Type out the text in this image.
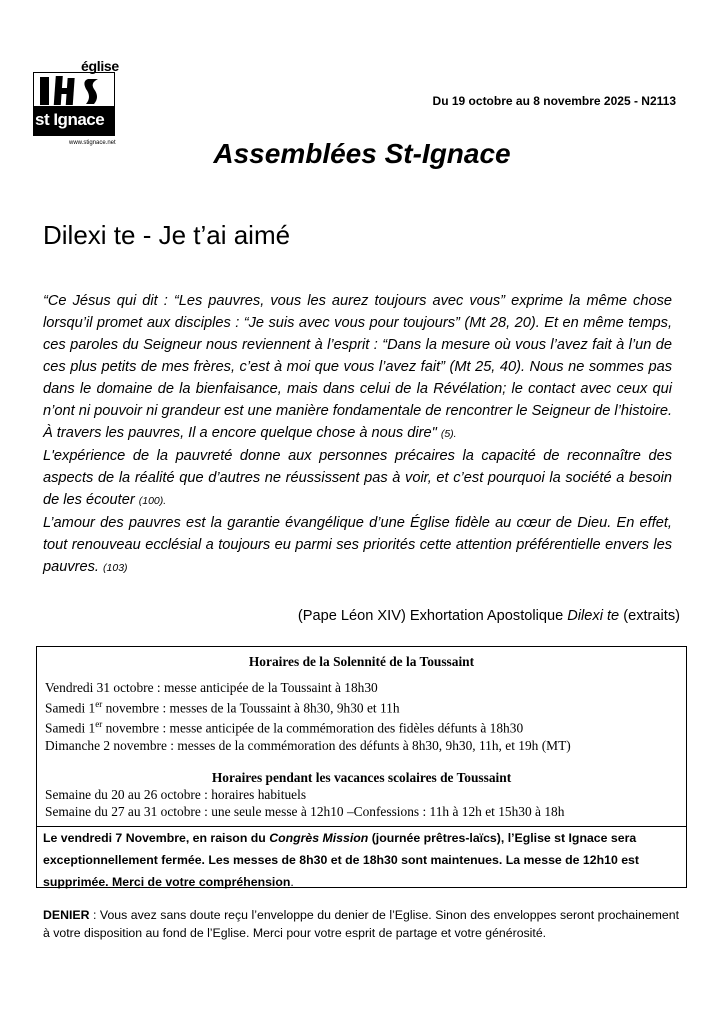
église
st Ignace
www.stignace.net
Du 19 octobre au 8 novembre 2025 - N2113
Assemblées St-Ignace
Dilexi te - Je t’ai aimé

“Ce Jésus qui dit : “Les pauvres, vous les aurez toujours avec vous” exprime la même chose lorsqu’il promet aux disciples : “Je suis avec vous pour toujours” (Mt 28, 20). Et en même temps, ces paroles du Seigneur nous reviennent à l’esprit : “Dans la mesure où vous l’avez fait à l’un de ces plus petits de mes frères, c’est à moi que vous l’avez fait” (Mt 25, 40). Nous ne sommes pas dans le domaine de la bienfaisance, mais dans celui de la Révélation; le contact avec ceux qui n’ont ni pouvoir ni grandeur est une manière fondamentale de rencontrer le Seigneur de l’histoire. À travers les pauvres, Il a encore quelque chose à nous dire" (5).

L'expérience de la pauvreté donne aux personnes précaires la capacité de reconnaître des aspects de la réalité que d’autres ne réussissent pas à voir, et c’est pourquoi la société a besoin de les écouter (100).

L’amour des pauvres est la garantie évangélique d’une Église fidèle au cœur de Dieu. En effet, tout renouveau ecclésial a toujours eu parmi ses priorités cette attention préférentielle envers les pauvres. (103)

(Pape Léon XIV) Exhortation Apostolique Dilexi te (extraits)
Horaires de la Solennité de la Toussaint
Vendredi 31 octobre : messe anticipée de la Toussaint à 18h30
Samedi 1er novembre : messes de la Toussaint à 8h30, 9h30 et 11h
Samedi 1er novembre : messe anticipée de la commémoration des fidèles défunts à 18h30
Dimanche 2 novembre : messes de la commémoration des défunts à 8h30, 9h30, 11h, et 19h (MT)
Horaires pendant les vacances scolaires de Toussaint
Semaine du 20 au 26 octobre : horaires habituels
Semaine du 27 au 31 octobre : une seule messe à 12h10 –Confessions : 11h à 12h et 15h30 à 18h

Le vendredi 7 Novembre, en raison du Congrès Mission (journée prêtres-laïcs), l’Eglise st Ignace sera exceptionnellement fermée. Les messes de 8h30 et de 18h30 sont maintenues. La messe de 12h10 est supprimée. Merci de votre compréhension.

DENIER : Vous avez sans doute reçu l’enveloppe du denier de l’Eglise. Sinon des enveloppes seront prochainement à votre disposition au fond de l’Eglise. Merci pour votre esprit de partage et votre générosité.
